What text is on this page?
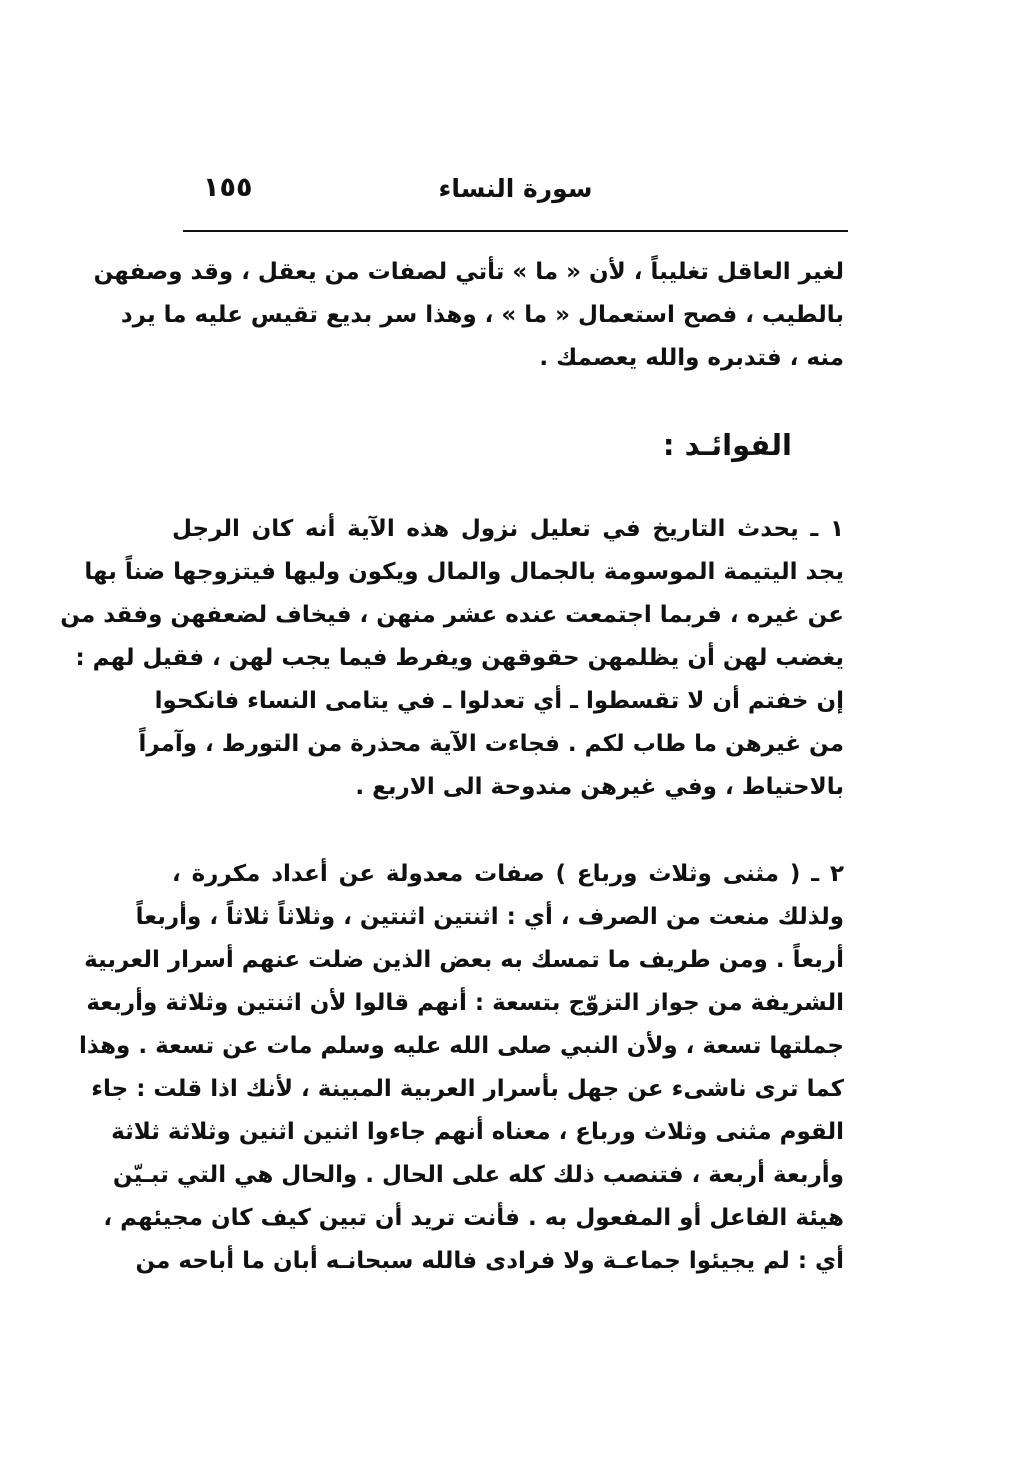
سورة النساء
١٥٥
لغير العاقل تغليباً ، لأن « ما » تأتي لصفات من يعقل ، وقد وصفهن
بالطيب ، فصح استعمال « ما » ، وهذا سر بديع تقيس عليه ما يرد
منه ، فتدبره والله يعصمك .
الفوائـد :
١ ـ يحدث التاريخ في تعليل نزول هذه الآية أنه كان الرجل
يجد اليتيمة الموسومة بالجمال والمال ويكون وليها فيتزوجها ضناً بها
عن غيره ، فربما اجتمعت عنده عشر منهن ، فيخاف لضعفهن وفقد من
يغضب لهن أن يظلمهن حقوقهن ويفرط فيما يجب لهن ، فقيل لهم :
إن خفتم أن لا تقسطوا ـ أي تعدلوا ـ في يتامى النساء فانكحوا
من غيرهن ما طاب لكم . فجاءت الآية محذرة من التورط ، وآمراً
بالاحتياط ، وفي غيرهن مندوحة الى الاربع .
٢ ـ ( مثنى وثلاث ورباع ) صفات معدولة عن أعداد مكررة ،
ولذلك منعت من الصرف ، أي : اثنتين اثنتين ، وثلاثاً ثلاثاً ، وأربعاً
أربعاً . ومن طريف ما تمسك به بعض الذين ضلت عنهم أسرار العربية
الشريفة من جواز التزوّج بتسعة : أنهم قالوا لأن اثنتين وثلاثة وأربعة
جملتها تسعة ، ولأن النبي صلى الله عليه وسلم مات عن تسعة . وهذا
كما ترى ناشىء عن جهل بأسرار العربية المبينة ، لأنك اذا قلت : جاء
القوم مثنى وثلاث ورباع ، معناه أنهم جاءوا اثنين اثنين وثلاثة ثلاثة
وأربعة أربعة ، فتنصب ذلك كله على الحال . والحال هي التي تبـيّن
هيئة الفاعل أو المفعول به . فأنت تريد أن تبين كيف كان مجيئهم ،
أي : لم يجيئوا جماعـة ولا فرادى فالله سبحانـه أبان ما أباحه من
